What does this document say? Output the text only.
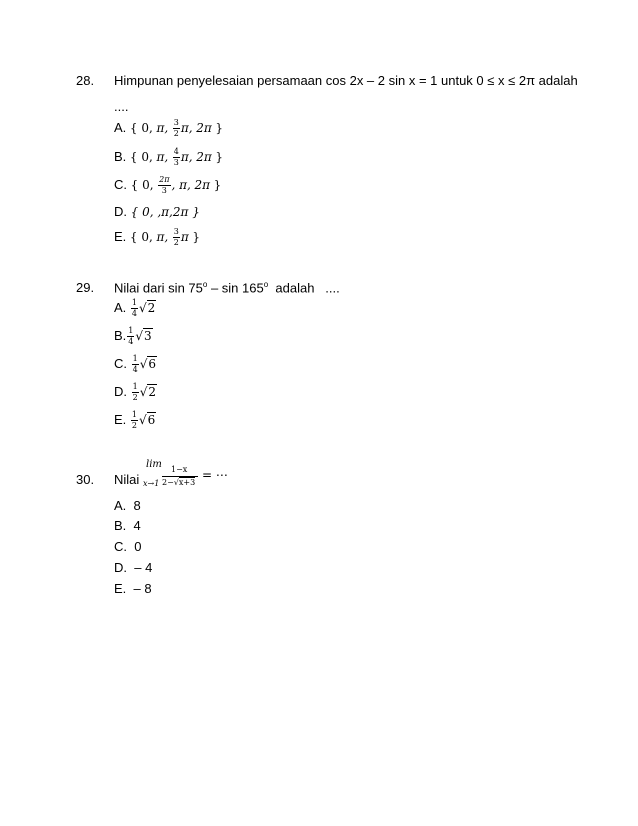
28. Himpunan penyelesaian persamaan cos 2x – 2 sin x = 1 untuk 0 ≤ x ≤ 2π adalah
....
A. { 0, π, $\frac{3}{2} \pi$, 2π }
B. { 0, π, $\frac{4}{3} \pi$, 2π }
C. { 0, $\frac{2\pi}{3}$ , π, 2π }
D. { 0, ,π,2π }
E. { 0, π, $\frac{3}{2}$ π }
29. Nilai dari sin 75$^o$ – sin 165$^o$  adalah   ....
A. $\frac{1}{4} √2$
B. $\frac{1}{4} √3$
C. $\frac{1}{4} √6$
D. $\frac{1}{2} √2$
E. $\frac{1}{2} √6$
30. Nilai
lim
x→1
1−x
2−√x+3
= ⋯
A. 8
B. 4
C. 0
D. – 4
E. – 8
